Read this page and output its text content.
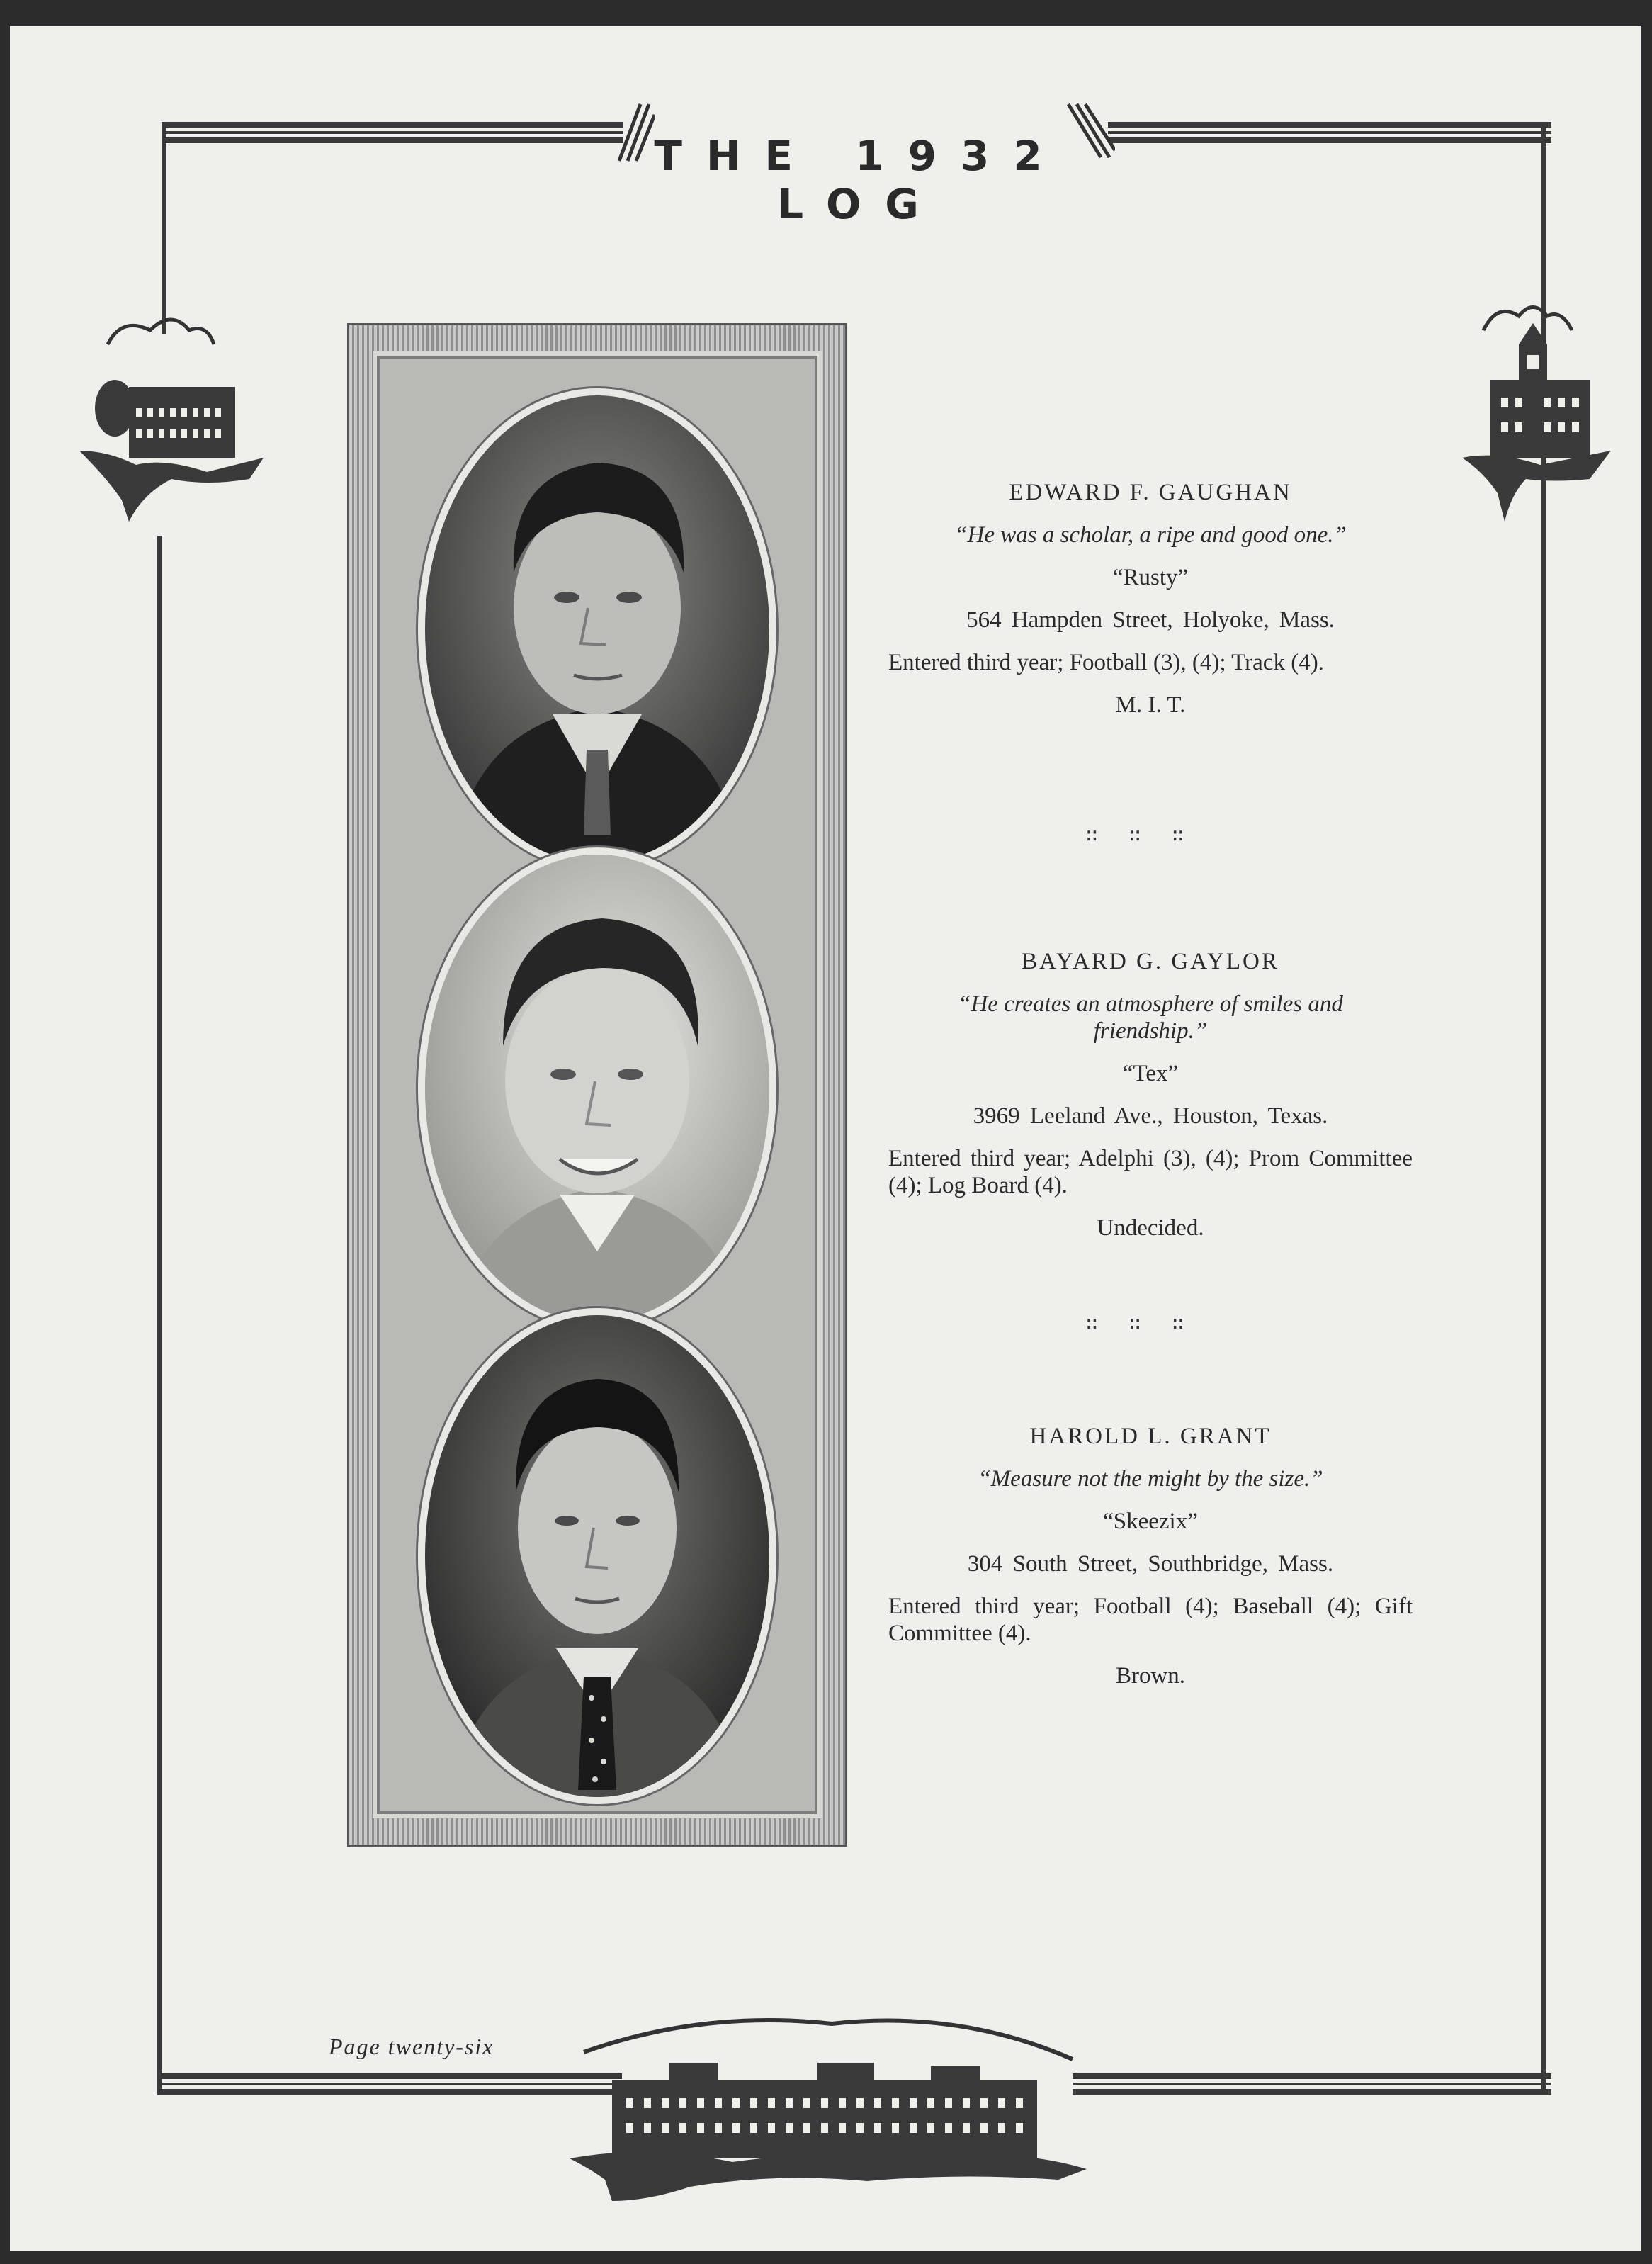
THE 1932 LOG
EDWARD F. GAUGHAN
“He was a scholar, a ripe and good one.”
“Rusty”
564 Hampden Street, Holyoke, Mass.
Entered third year; Football (3), (4); Track (4).
M. I. T.
∷∷∷
BAYARD G. GAYLOR
“He creates an atmosphere of smiles and friendship.”
“Tex”
3969 Leeland Ave., Houston, Texas.
Entered third year; Adelphi (3), (4); Prom Committee (4); Log Board (4).
Undecided.
∷∷∷
HAROLD L. GRANT
“Measure not the might by the size.”
“Skeezix”
304 South Street, Southbridge, Mass.
Entered third year; Football (4); Baseball (4); Gift Committee (4).
Brown.
Page twenty-six
